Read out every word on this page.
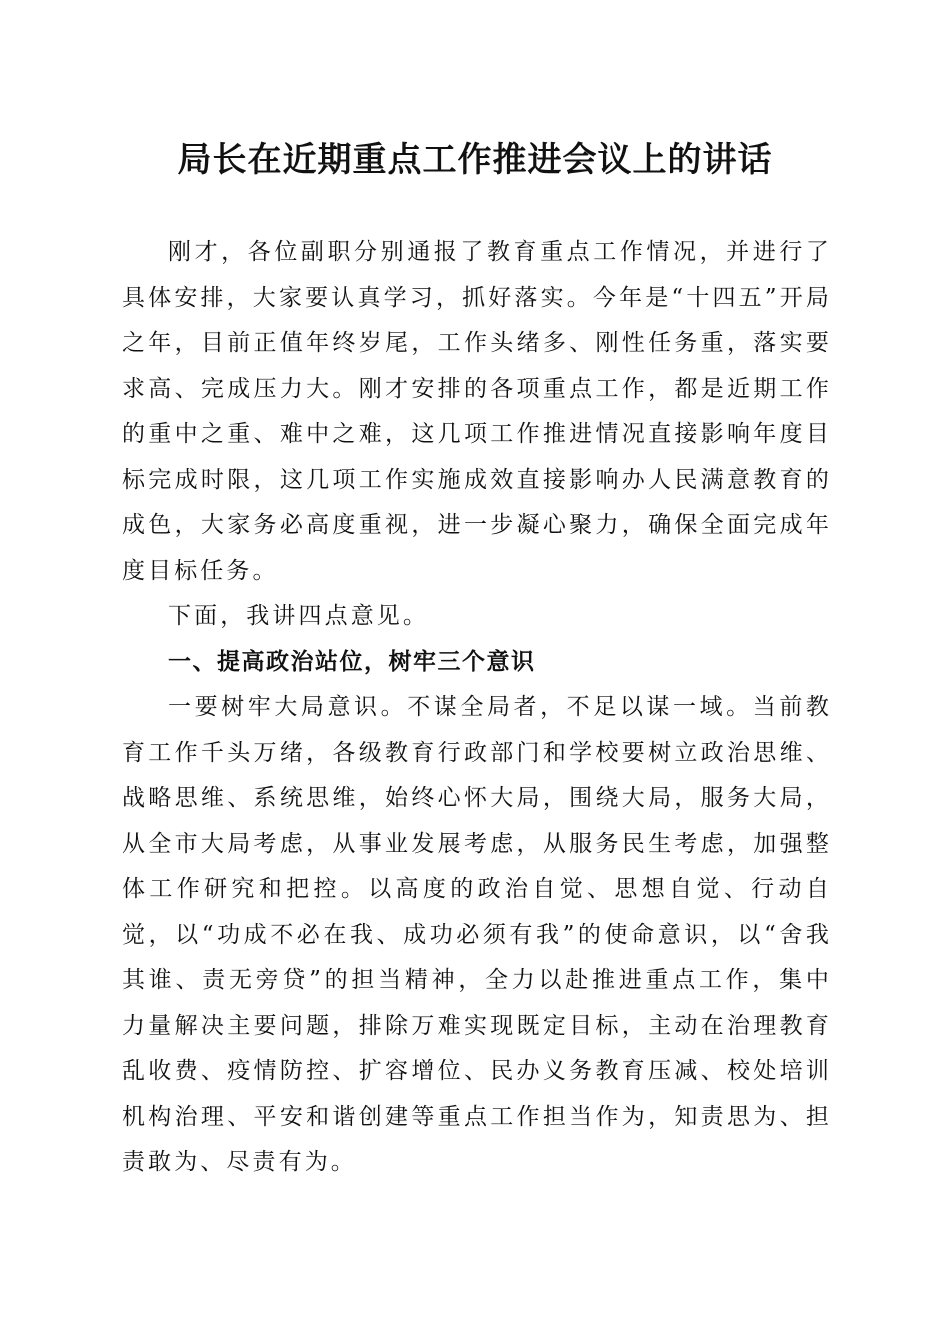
局长在近期重点工作推进会议上的讲话

刚才，各位副职分别通报了教育重点工作情况，并进行了具体安排，大家要认真学习，抓好落实。今年是“十四五”开局之年，目前正值年终岁尾，工作头绪多、刚性任务重，落实要求高、完成压力大。刚才安排的各项重点工作，都是近期工作的重中之重、难中之难，这几项工作推进情况直接影响年度目标完成时限，这几项工作实施成效直接影响办人民满意教育的成色，大家务必高度重视，进一步凝心聚力，确保全面完成年度目标任务。

下面，我讲四点意见。

一、提高政治站位，树牢三个意识

一要树牢大局意识。不谋全局者，不足以谋一域。当前教育工作千头万绪，各级教育行政部门和学校要树立政治思维、战略思维、系统思维，始终心怀大局，围绕大局，服务大局，从全市大局考虑，从事业发展考虑，从服务民生考虑，加强整体工作研究和把控。以高度的政治自觉、思想自觉、行动自觉，以“功成不必在我、成功必须有我”的使命意识，以“舍我其谁、责无旁贷”的担当精神，全力以赴推进重点工作，集中力量解决主要问题，排除万难实现既定目标，主动在治理教育乱收费、疫情防控、扩容增位、民办义务教育压减、校处培训机构治理、平安和谐创建等重点工作担当作为，知责思为、担责敢为、尽责有为。
